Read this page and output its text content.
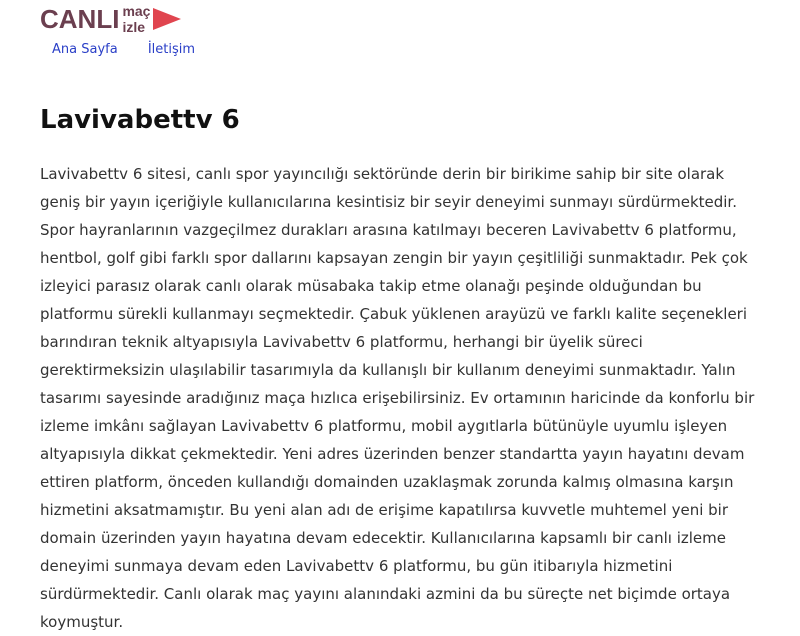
CANLI maç
izle
Ana Sayfa İletişim
Lavivabettv 6

Lavivabettv 6 sitesi, canlı spor yayıncılığı sektöründe derin bir birikime sahip bir site olarak geniş bir yayın içeriğiyle kullanıcılarına kesintisiz bir seyir deneyimi sunmayı sürdürmektedir. Spor hayranlarının vazgeçilmez durakları arasına katılmayı beceren Lavivabettv 6 platformu, hentbol, golf gibi farklı spor dallarını kapsayan zengin bir yayın çeşitliliği sunmaktadır. Pek çok izleyici parasız olarak canlı olarak müsabaka takip etme olanağı peşinde olduğundan bu platformu sürekli kullanmayı seçmektedir. Çabuk yüklenen arayüzü ve farklı kalite seçenekleri barındıran teknik altyapısıyla Lavivabettv 6 platformu, herhangi bir üyelik süreci gerektirmeksizin ulaşılabilir tasarımıyla da kullanışlı bir kullanım deneyimi sunmaktadır. Yalın tasarımı sayesinde aradığınız maça hızlıca erişebilirsiniz. Ev ortamının haricinde da konforlu bir izleme imkânı sağlayan Lavivabettv 6 platformu, mobil aygıtlarla bütünüyle uyumlu işleyen altyapısıyla dikkat çekmektedir. Yeni adres üzerinden benzer standartta yayın hayatını devam ettiren platform, önceden kullandığı domainden uzaklaşmak zorunda kalmış olmasına karşın hizmetini aksatmamıştır. Bu yeni alan adı de erişime kapatılırsa kuvvetle muhtemel yeni bir domain üzerinden yayın hayatına devam edecektir. Kullanıcılarına kapsamlı bir canlı izleme deneyimi sunmaya devam eden Lavivabettv 6 platformu, bu gün itibarıyla hizmetini sürdürmektedir. Canlı olarak maç yayını alanındaki azmini da bu süreçte net biçimde ortaya koymuştur.
